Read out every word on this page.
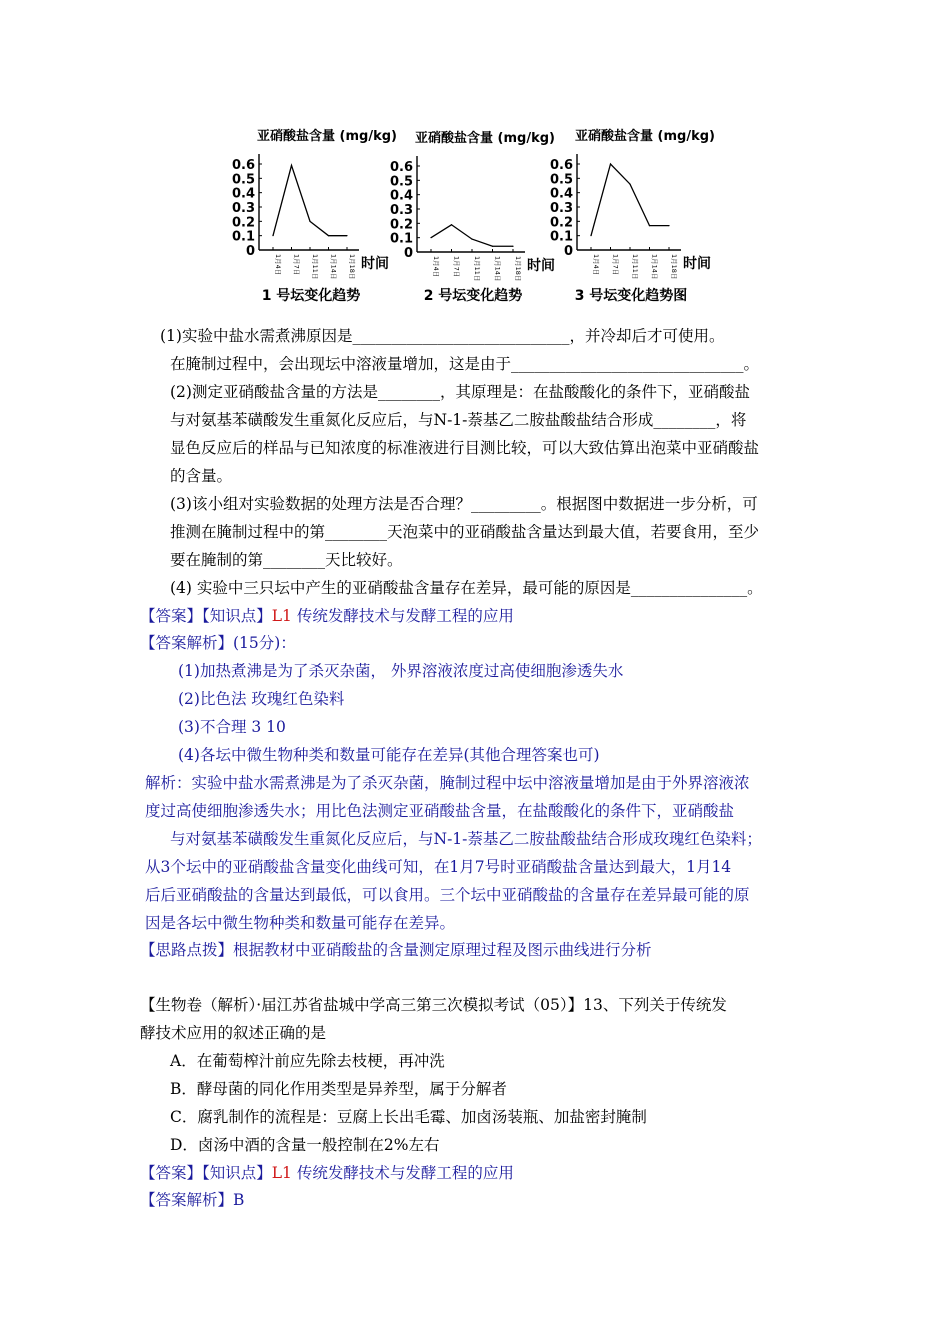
亚硝酸盐含量 (mg/kg)
0.6
0.5
0.4
0.3
0.2
0.1
0
1月4日 1月7日 1月11日 1月14日 1月18日 时间
1 号坛变化趋势
亚硝酸盐含量 (mg/kg)
0.6
0.5
0.4
0.3
0.2
0.1
0
1月4日 1月7日 1月11日 1月14日 1月18日 时间
2 号坛变化趋势
亚硝酸盐含量 (mg/kg)
0.6
0.5
0.4
0.3
0.2
0.1
0
1月4日 1月7日 1月11日 1月14日 1月18日 时间
3 号坛变化趋势图
(1)实验中盐水需煮沸原因是____________________________，并冷却后才可使用。
在腌制过程中，会出现坛中溶液量增加，这是由于______________________________。
(2)测定亚硝酸盐含量的方法是________，其原理是：在盐酸酸化的条件下，亚硝酸盐
与对氨基苯磺酸发生重氮化反应后，与N-1-萘基乙二胺盐酸盐结合形成________，将
显色反应后的样品与已知浓度的标准液进行目测比较，可以大致估算出泡菜中亚硝酸盐
的含量。
(3)该小组对实验数据的处理方法是否合理？_________。根据图中数据进一步分析，可
推测在腌制过程中的第________天泡菜中的亚硝酸盐含量达到最大值，若要食用，至少
要在腌制的第________天比较好。
(4) 实验中三只坛中产生的亚硝酸盐含量存在差异，最可能的原因是_______________。
【答案】【知识点】L1 传统发酵技术与发酵工程的应用
【答案解析】(15分)：
(1)加热煮沸是为了杀灭杂菌， 外界溶液浓度过高使细胞渗透失水
(2)比色法 玫瑰红色染料
(3)不合理 3 10
(4)各坛中微生物种类和数量可能存在差异(其他合理答案也可)
解析：实验中盐水需煮沸是为了杀灭杂菌，腌制过程中坛中溶液量增加是由于外界溶液浓
度过高使细胞渗透失水；用比色法测定亚硝酸盐含量，在盐酸酸化的条件下，亚硝酸盐
与对氨基苯磺酸发生重氮化反应后，与N-1-萘基乙二胺盐酸盐结合形成玫瑰红色染料；
从3个坛中的亚硝酸盐含量变化曲线可知，在1月7号时亚硝酸盐含量达到最大，1月14
后后亚硝酸盐的含量达到最低，可以食用。三个坛中亚硝酸盐的含量存在差异最可能的原
因是各坛中微生物种类和数量可能存在差异。
【思路点拨】根据教材中亚硝酸盐的含量测定原理过程及图示曲线进行分析
【生物卷（解析）·届江苏省盐城中学高三第三次模拟考试（05）】13、下列关于传统发
酵技术应用的叙述正确的是
A．在葡萄榨汁前应先除去枝梗，再冲洗
B．酵母菌的同化作用类型是异养型，属于分解者
C．腐乳制作的流程是：豆腐上长出毛霉、加卤汤装瓶、加盐密封腌制
D．卤汤中酒的含量一般控制在2%左右
【答案】【知识点】L1 传统发酵技术与发酵工程的应用
【答案解析】B
